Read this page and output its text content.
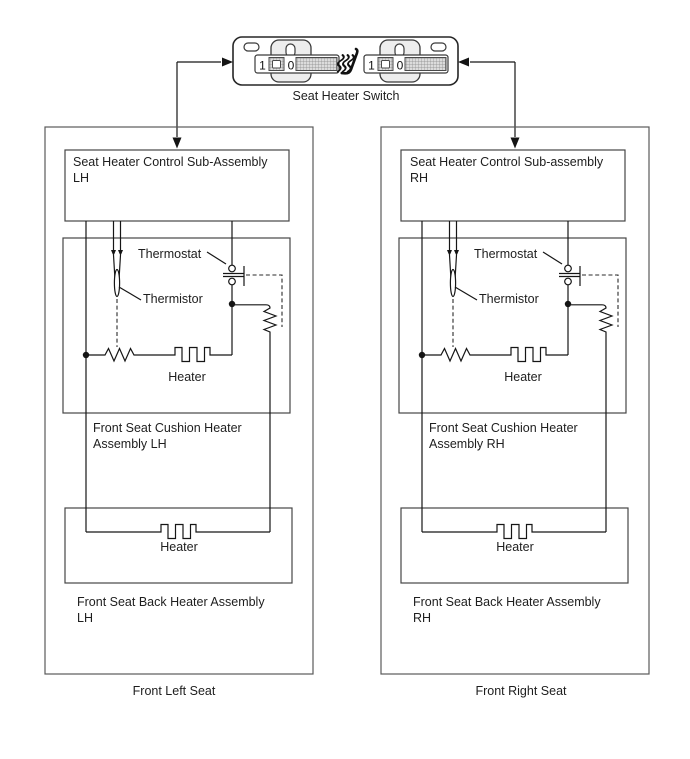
1 0	1 0
Seat Heater Switch
Seat Heater Control Sub-Assembly
LH
Thermostat
Thermistor
Heater
Front Seat Cushion Heater
Assembly LH
Heater
Front Seat Back Heater Assembly
LH
Front Left Seat
Seat Heater Control Sub-assembly
RH
Thermostat
Thermistor
Heater
Front Seat Cushion Heater
Assembly RH
Heater
Front Seat Back Heater Assembly
RH
Front Right Seat
